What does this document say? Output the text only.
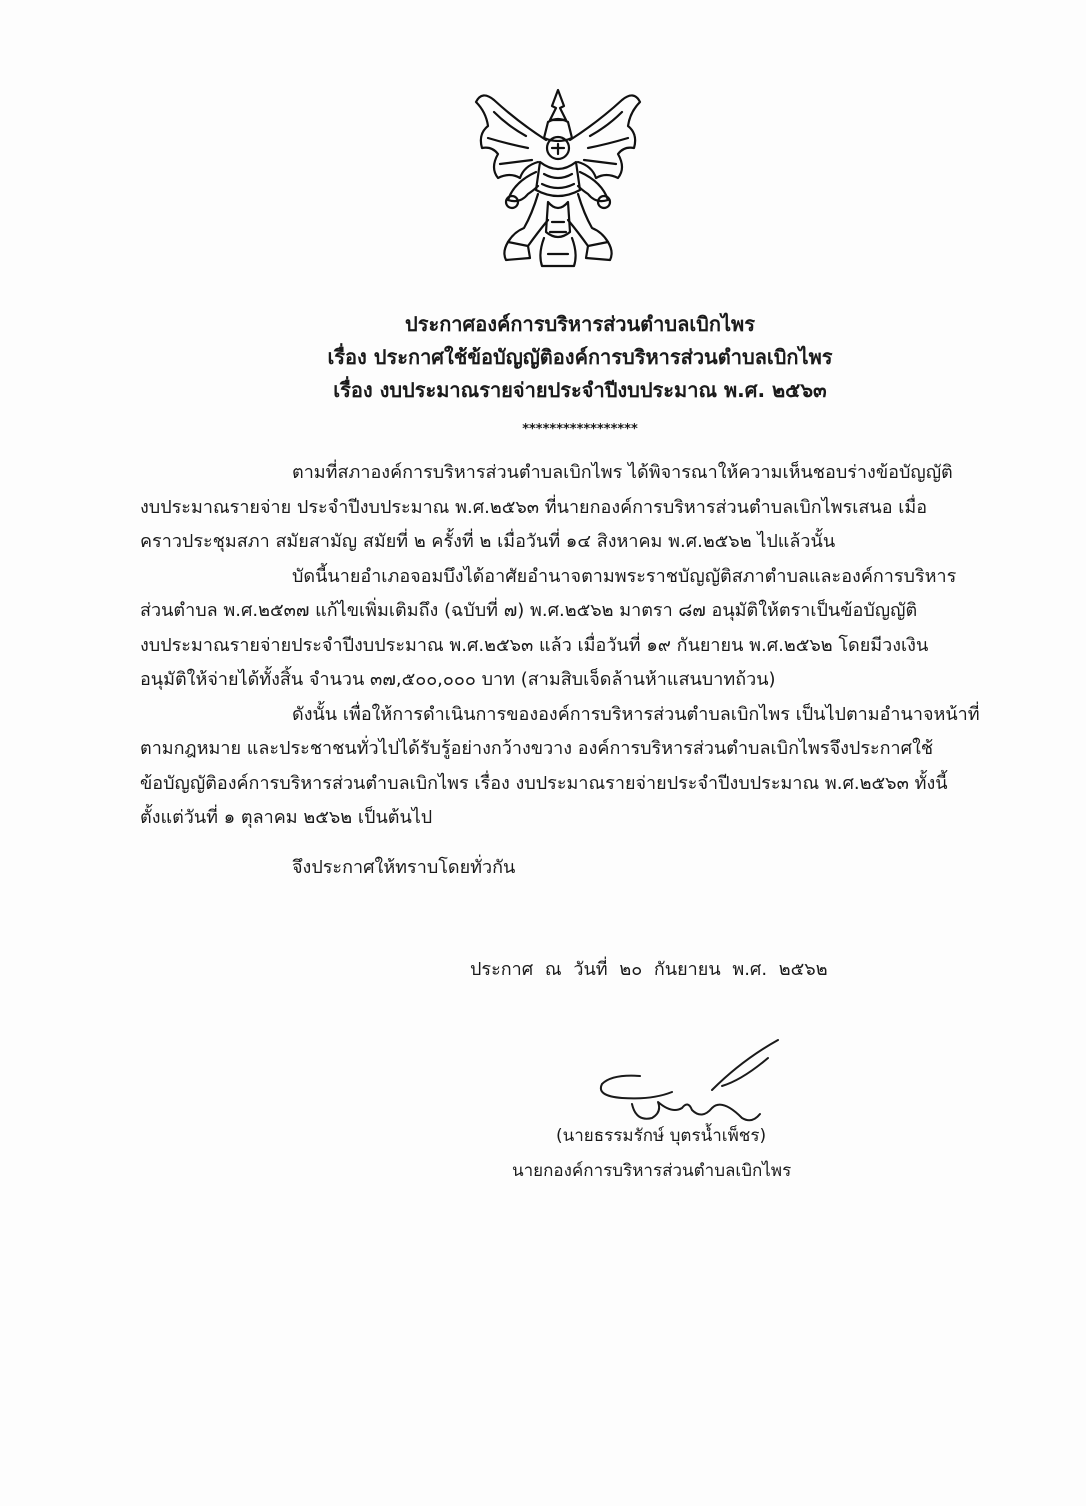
ประกาศองค์การบริหารส่วนตำบลเบิกไพร
เรื่อง ประกาศใช้ข้อบัญญัติองค์การบริหารส่วนตำบลเบิกไพร
เรื่อง งบประมาณรายจ่ายประจำปีงบประมาณ พ.ศ. ๒๕๖๓
*****************
ตามที่สภาองค์การบริหารส่วนตำบลเบิกไพร ได้พิจารณาให้ความเห็นชอบร่างข้อบัญญัติ
งบประมาณรายจ่าย ประจำปีงบประมาณ พ.ศ.๒๕๖๓ ที่นายกองค์การบริหารส่วนตำบลเบิกไพรเสนอ เมื่อ
คราวประชุมสภา สมัยสามัญ สมัยที่ ๒ ครั้งที่ ๒ เมื่อวันที่ ๑๔ สิงหาคม พ.ศ.๒๕๖๒ ไปแล้วนั้น
บัดนี้นายอำเภอจอมบึงได้อาศัยอำนาจตามพระราชบัญญัติสภาตำบลและองค์การบริหาร
ส่วนตำบล พ.ศ.๒๕๓๗ แก้ไขเพิ่มเติมถึง (ฉบับที่ ๗) พ.ศ.๒๕๖๒ มาตรา ๘๗ อนุมัติให้ตราเป็นข้อบัญญัติ
งบประมาณรายจ่ายประจำปีงบประมาณ พ.ศ.๒๕๖๓ แล้ว เมื่อวันที่ ๑๙ กันยายน พ.ศ.๒๕๖๒ โดยมีวงเงิน
อนุมัติให้จ่ายได้ทั้งสิ้น จำนวน ๓๗,๕๐๐,๐๐๐ บาท (สามสิบเจ็ดล้านห้าแสนบาทถ้วน)
ดังนั้น เพื่อให้การดำเนินการขององค์การบริหารส่วนตำบลเบิกไพร เป็นไปตามอำนาจหน้าที่
ตามกฎหมาย และประชาชนทั่วไปได้รับรู้อย่างกว้างขวาง องค์การบริหารส่วนตำบลเบิกไพรจึงประกาศใช้
ข้อบัญญัติองค์การบริหารส่วนตำบลเบิกไพร เรื่อง งบประมาณรายจ่ายประจำปีงบประมาณ พ.ศ.๒๕๖๓ ทั้งนี้
ตั้งแต่วันที่ ๑ ตุลาคม ๒๕๖๒ เป็นต้นไป
จึงประกาศให้ทราบโดยทั่วกัน
ประกาศ ณ วันที่ ๒๐ กันยายน พ.ศ. ๒๕๖๒
(นายธรรมรักษ์ บุตรน้ำเพ็ชร)
นายกองค์การบริหารส่วนตำบลเบิกไพร
